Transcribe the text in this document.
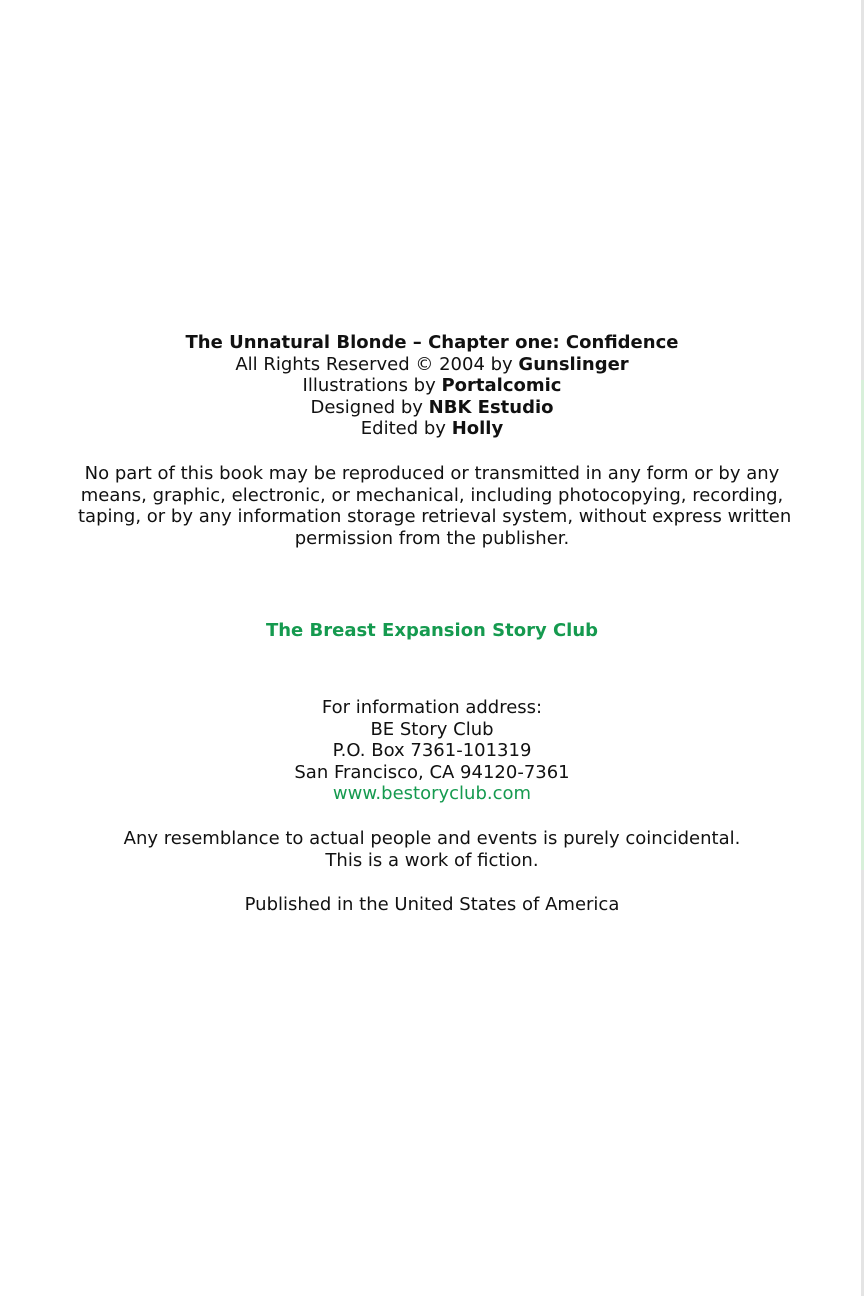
The Unnatural Blonde – Chapter one: Confidence
All Rights Reserved © 2004 by Gunslinger
Illustrations by Portalcomic
Designed by NBK Estudio
Edited by Holly
No part of this book may be reproduced or transmitted in any form or by any
means, graphic, electronic, or mechanical, including photocopying, recording,
taping, or by any information storage retrieval system, without express written
permission from the publisher.
The Breast Expansion Story Club
For information address:
BE Story Club
P.O. Box 7361-101319
San Francisco, CA 94120-7361
www.bestoryclub.com
Any resemblance to actual people and events is purely coincidental.
This is a work of fiction.
Published in the United States of America
